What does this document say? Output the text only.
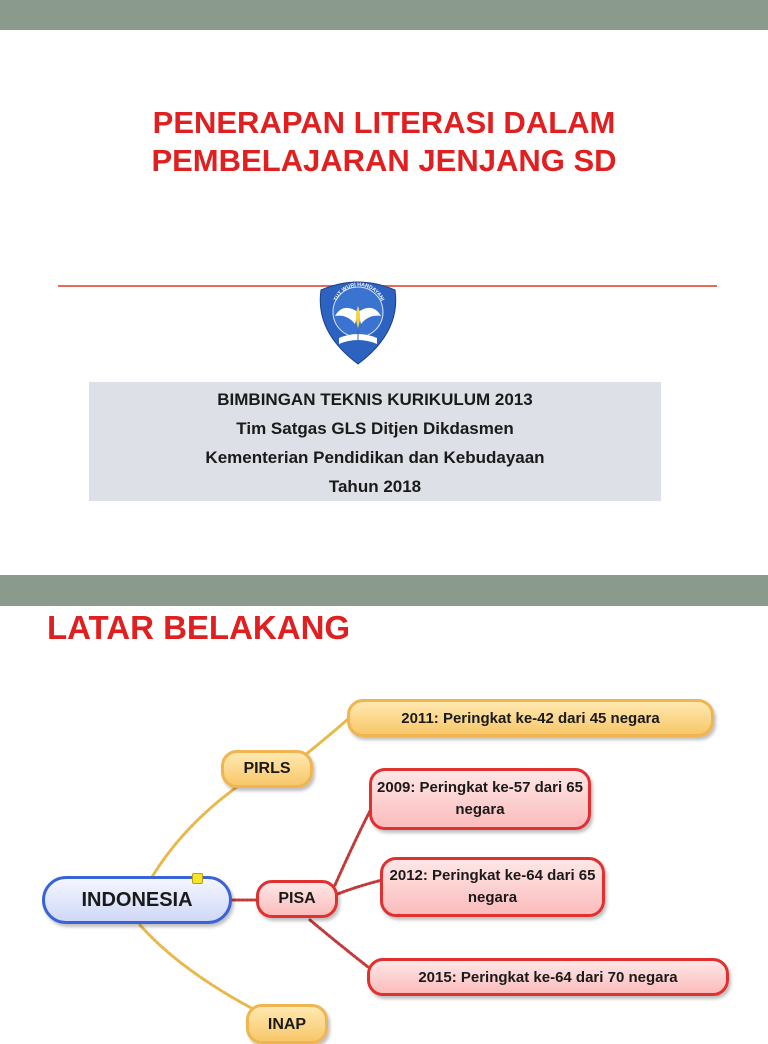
PENERAPAN LITERASI DALAM
PEMBELAJARAN JENJANG SD
TUT WURI HANDAYANI
BIMBINGAN TEKNIS KURIKULUM 2013
Tim Satgas GLS Ditjen Dikdasmen
Kementerian Pendidikan dan Kebudayaan
Tahun 2018
LATAR BELAKANG
2011: Peringkat ke-42 dari 45 negara
PIRLS
2009: Peringkat ke-57 dari 65 negara
INDONESIA	PISA
2012: Peringkat ke-64 dari 65 negara
2015: Peringkat ke-64 dari 70 negara
INAP
